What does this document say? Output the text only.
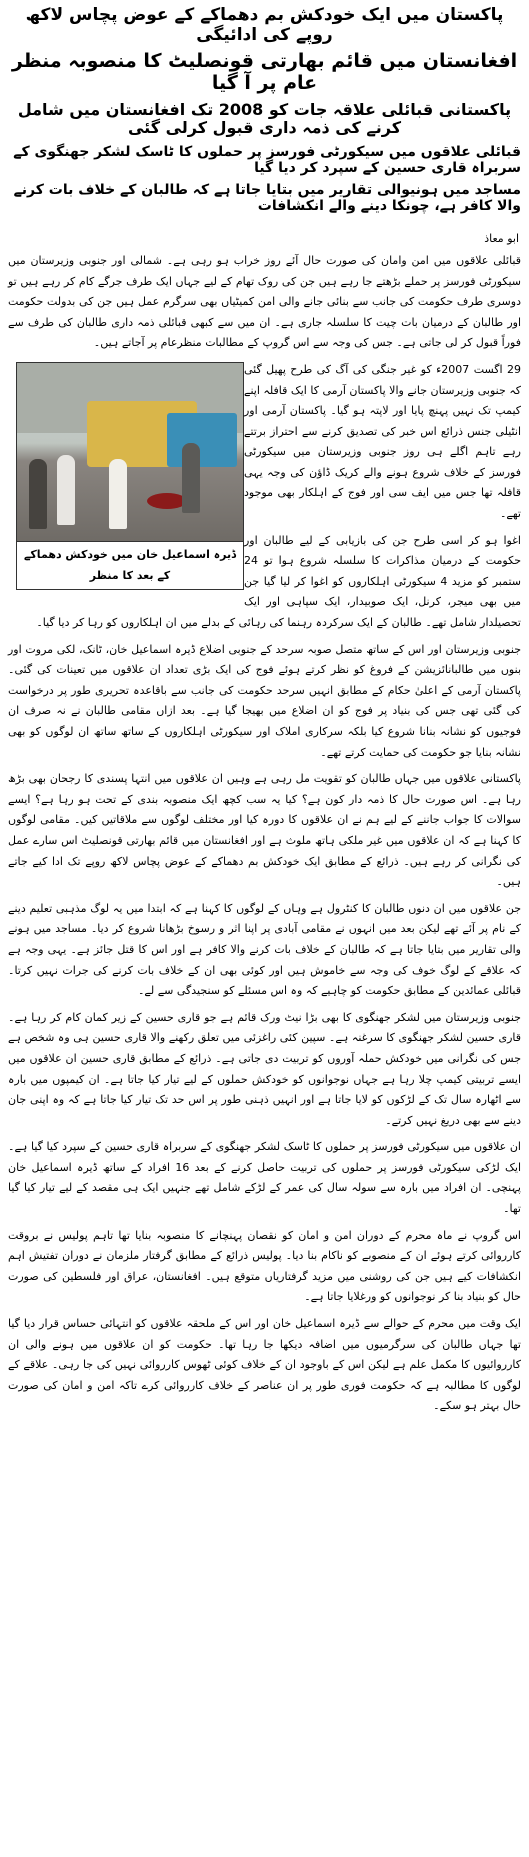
پاکستان میں ایک خودکش بم دھماکے کے عوض پچاس لاکھ روپے کی ادائیگی
افغانستان میں قائم بھارتی قونصلیٹ کا منصوبہ منظر عام پر آ گیا
پاکستانی قبائلی علاقہ جات کو 2008 تک افغانستان میں شامل کرنے کی ذمہ داری قبول کرلی گئی
قبائلی علاقوں میں سیکورٹی فورسز پر حملوں کا ٹاسک لشکر جھنگوی کے سربراہ قاری حسین کے سپرد کر دیا گیا
مساجد میں ہونیوالی تقاریر میں بتایا جاتا ہے کہ طالبان کے خلاف بات کرنے والا کافر ہے، چونکا دینے والے انکشافات
ابو معاذ

قبائلی علاقوں میں امن وامان کی صورت حال آئے روز خراب ہو رہی ہے۔ شمالی اور جنوبی وزیرستان میں سیکورٹی فورسز پر حملے بڑھتے جا رہے ہیں جن کی روک تھام کے لیے جہاں ایک طرف جرگے کام کر رہے ہیں تو دوسری طرف حکومت کی جانب سے بنائی جانے والی امن کمیٹیاں بھی سرگرم عمل ہیں جن کی بدولت حکومت اور طالبان کے درمیان بات چیت کا سلسلہ جاری ہے۔ ان میں سے کبھی قبائلی ذمہ داری طالبان کی طرف سے فوراً قبول کر لی جاتی ہے۔ جس کی وجہ سے اس گروپ کے مطالبات منظرعام پر آجاتے ہیں۔

ڈیرہ اسماعیل خان میں خودکش دھماکے کے بعد کا منظر

29 اگست 2007ء کو غیر جنگی کی آگ کی طرح پھیل گئی کہ جنوبی وزیرستان جانے والا پاکستان آرمی کا ایک قافلہ اپنے کیمپ تک نہیں پہنچ پایا اور لاپتہ ہو گیا۔ پاکستان آرمی اور انٹیلی جنس ذرائع اس خبر کی تصدیق کرنے سے احتراز برتتے رہے تاہم اگلے ہی روز جنوبی وزیرستان میں سیکورٹی فورسز کے خلاف شروع ہونے والے کریک ڈاؤن کی وجہ یہی قافلہ تھا جس میں ایف سی اور فوج کے اہلکار بھی موجود تھے۔

اغوا ہو کر اسی طرح جن کی بازیابی کے لیے طالبان اور حکومت کے درمیان مذاکرات کا سلسلہ شروع ہوا تو 24 ستمبر کو مزید 4 سیکورٹی اہلکاروں کو اغوا کر لیا گیا جن میں بھی میجر، کرنل، ایک صوبیدار، ایک سپاہی اور ایک تحصیلدار شامل تھے۔ طالبان کے ایک سرکردہ رہنما کی رہائی کے بدلے میں ان اہلکاروں کو رہا کر دیا گیا۔

جنوبی وزیرستان اور اس کے ساتھ متصل صوبہ سرحد کے جنوبی اضلاع ڈیرہ اسماعیل خان، ٹانک، لکی مروت اور بنوں میں طالبانائزیشن کے فروغ کو نظر کرتے ہوئے فوج کی ایک بڑی تعداد ان علاقوں میں تعینات کی گئی۔ پاکستان آرمی کے اعلیٰ حکام کے مطابق انہیں سرحد حکومت کی جانب سے باقاعدہ تحریری طور پر درخواست کی گئی تھی جس کی بنیاد پر فوج کو ان اضلاع میں بھیجا گیا ہے۔ بعد ازاں مقامی طالبان نے نہ صرف ان فوجیوں کو نشانہ بنانا شروع کیا بلکہ سرکاری املاک اور سیکورٹی اہلکاروں کے ساتھ ساتھ ان لوگوں کو بھی نشانہ بنایا جو حکومت کی حمایت کرتے تھے۔

پاکستانی علاقوں میں جہاں طالبان کو تقویت مل رہی ہے وہیں ان علاقوں میں انتہا پسندی کا رجحان بھی بڑھ رہا ہے۔ اس صورت حال کا ذمہ دار کون ہے؟ کیا یہ سب کچھ ایک منصوبہ بندی کے تحت ہو رہا ہے؟ ایسے سوالات کا جواب جاننے کے لیے ہم نے ان علاقوں کا دورہ کیا اور مختلف لوگوں سے ملاقاتیں کیں۔ مقامی لوگوں کا کہنا ہے کہ ان علاقوں میں غیر ملکی ہاتھ ملوث ہے اور افغانستان میں قائم بھارتی قونصلیٹ اس سارے عمل کی نگرانی کر رہے ہیں۔ ذرائع کے مطابق ایک خودکش بم دھماکے کے عوض پچاس لاکھ روپے تک ادا کیے جاتے ہیں۔

جن علاقوں میں ان دنوں طالبان کا کنٹرول ہے وہاں کے لوگوں کا کہنا ہے کہ ابتدا میں یہ لوگ مذہبی تعلیم دینے کے نام پر آئے تھے لیکن بعد میں انہوں نے مقامی آبادی پر اپنا اثر و رسوخ بڑھانا شروع کر دیا۔ مساجد میں ہونے والی تقاریر میں بتایا جاتا ہے کہ طالبان کے خلاف بات کرنے والا کافر ہے اور اس کا قتل جائز ہے۔ یہی وجہ ہے کہ علاقے کے لوگ خوف کی وجہ سے خاموش ہیں اور کوئی بھی ان کے خلاف بات کرنے کی جرات نہیں کرتا۔ قبائلی عمائدین کے مطابق حکومت کو چاہیے کہ وہ اس مسئلے کو سنجیدگی سے لے۔

جنوبی وزیرستان میں لشکر جھنگوی کا بھی بڑا نیٹ ورک قائم ہے جو قاری حسین کے زیر کمان کام کر رہا ہے۔ قاری حسین لشکر جھنگوی کا سرغنہ ہے۔ سپین کئی راغزئی میں تعلق رکھنے والا قاری حسین ہی وہ شخص ہے جس کی نگرانی میں خودکش حملہ آوروں کو تربیت دی جاتی ہے۔ ذرائع کے مطابق قاری حسین ان علاقوں میں ایسے تربیتی کیمپ چلا رہا ہے جہاں نوجوانوں کو خودکش حملوں کے لیے تیار کیا جاتا ہے۔ ان کیمپوں میں بارہ سے اٹھارہ سال تک کے لڑکوں کو لایا جاتا ہے اور انہیں ذہنی طور پر اس حد تک تیار کیا جاتا ہے کہ وہ اپنی جان دینے سے بھی دریغ نہیں کرتے۔

ان علاقوں میں سیکورٹی فورسز پر حملوں کا ٹاسک لشکر جھنگوی کے سربراہ قاری حسین کے سپرد کیا گیا ہے۔ ایک لڑکی سیکورٹی فورسز پر حملوں کی تربیت حاصل کرنے کے بعد 16 افراد کے ساتھ ڈیرہ اسماعیل خان پہنچی۔ ان افراد میں بارہ سے سولہ سال کی عمر کے لڑکے شامل تھے جنہیں ایک ہی مقصد کے لیے تیار کیا گیا تھا۔

اس گروپ نے ماہ محرم کے دوران امن و امان کو نقصان پہنچانے کا منصوبہ بنایا تھا تاہم پولیس نے بروقت کارروائی کرتے ہوئے ان کے منصوبے کو ناکام بنا دیا۔ پولیس ذرائع کے مطابق گرفتار ملزمان نے دوران تفتیش اہم انکشافات کیے ہیں جن کی روشنی میں مزید گرفتاریاں متوقع ہیں۔ افغانستان، عراق اور فلسطین کی صورت حال کو بنیاد بنا کر نوجوانوں کو ورغلایا جاتا ہے۔

ایک وقت میں محرم کے حوالے سے ڈیرہ اسماعیل خان اور اس کے ملحقہ علاقوں کو انتہائی حساس قرار دیا گیا تھا جہاں طالبان کی سرگرمیوں میں اضافہ دیکھا جا رہا تھا۔ حکومت کو ان علاقوں میں ہونے والی ان کارروائیوں کا مکمل علم ہے لیکن اس کے باوجود ان کے خلاف کوئی ٹھوس کارروائی نہیں کی جا رہی۔ علاقے کے لوگوں کا مطالبہ ہے کہ حکومت فوری طور پر ان عناصر کے خلاف کارروائی کرے تاکہ امن و امان کی صورت حال بہتر ہو سکے۔
